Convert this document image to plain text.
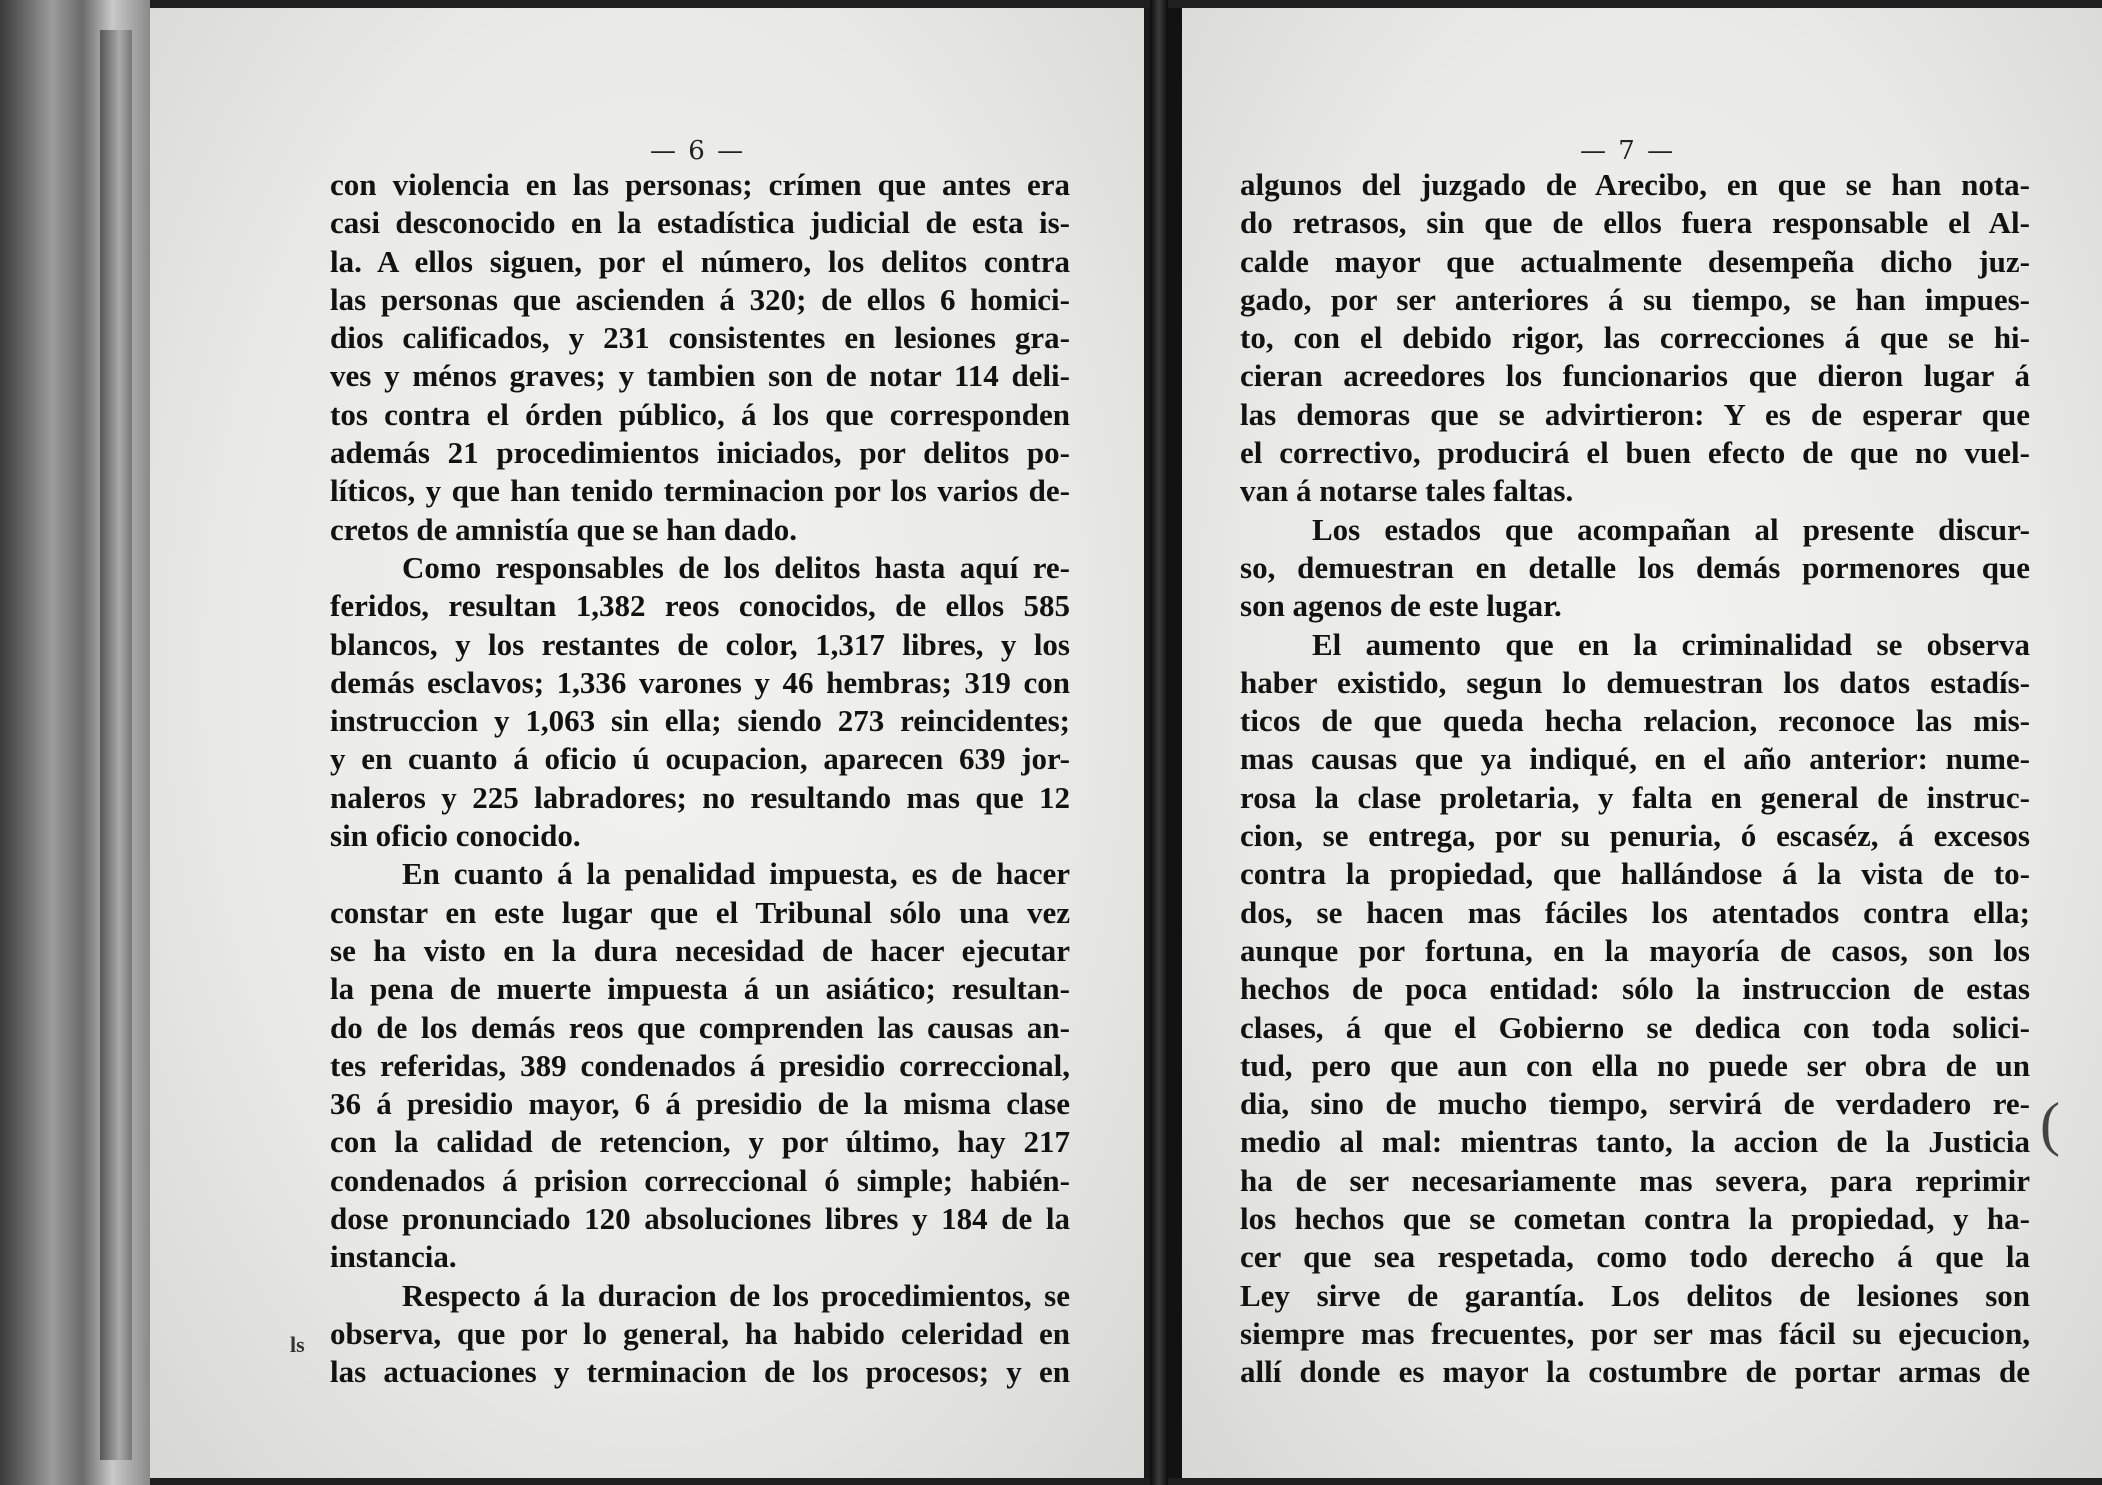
— 6 —
con violencia en las personas; crímen que antes era
casi desconocido en la estadística judicial de esta is-
la. A ellos siguen, por el número, los delitos contra
las personas que ascienden á 320; de ellos 6 homici-
dios calificados, y 231 consistentes en lesiones gra-
ves y ménos graves; y tambien son de notar 114 deli-
tos contra el órden público, á los que corresponden
además 21 procedimientos iniciados, por delitos po-
líticos, y que han tenido terminacion por los varios de-
cretos de amnistía que se han dado.
Como responsables de los delitos hasta aquí re-
feridos, resultan 1,382 reos conocidos, de ellos 585
blancos, y los restantes de color, 1,317 libres, y los
demás esclavos; 1,336 varones y 46 hembras; 319 con
instruccion y 1,063 sin ella; siendo 273 reincidentes;
y en cuanto á oficio ú ocupacion, aparecen 639 jor-
naleros y 225 labradores; no resultando mas que 12
sin oficio conocido.
En cuanto á la penalidad impuesta, es de hacer
constar en este lugar que el Tribunal sólo una vez
se ha visto en la dura necesidad de hacer ejecutar
la pena de muerte impuesta á un asiático; resultan-
do de los demás reos que comprenden las causas an-
tes referidas, 389 condenados á presidio correccional,
36 á presidio mayor, 6 á presidio de la misma clase
con la calidad de retencion, y por último, hay 217
condenados á prision correccional ó simple; habién-
dose pronunciado 120 absoluciones libres y 184 de la
instancia.
Respecto á la duracion de los procedimientos, se
observa, que por lo general, ha habido celeridad en
las actuaciones y terminacion de los procesos; y en
— 7 —
algunos del juzgado de Arecibo, en que se han nota-
do retrasos, sin que de ellos fuera responsable el Al-
calde mayor que actualmente desempeña dicho juz-
gado, por ser anteriores á su tiempo, se han impues-
to, con el debido rigor, las correcciones á que se hi-
cieran acreedores los funcionarios que dieron lugar á
las demoras que se advirtieron: Y es de esperar que
el correctivo, producirá el buen efecto de que no vuel-
van á notarse tales faltas.
Los estados que acompañan al presente discur-
so, demuestran en detalle los demás pormenores que
son agenos de este lugar.
El aumento que en la criminalidad se observa
haber existido, segun lo demuestran los datos estadís-
ticos de que queda hecha relacion, reconoce las mis-
mas causas que ya indiqué, en el año anterior: nume-
rosa la clase proletaria, y falta en general de instruc-
cion, se entrega, por su penuria, ó escaséz, á excesos
contra la propiedad, que hallándose á la vista de to-
dos, se hacen mas fáciles los atentados contra ella;
aunque por fortuna, en la mayoría de casos, son los
hechos de poca entidad: sólo la instruccion de estas
clases, á que el Gobierno se dedica con toda solici-
tud, pero que aun con ella no puede ser obra de un
dia, sino de mucho tiempo, servirá de verdadero re-
medio al mal: mientras tanto, la accion de la Justicia
ha de ser necesariamente mas severa, para reprimir
los hechos que se cometan contra la propiedad, y ha-
cer que sea respetada, como todo derecho á que la
Ley sirve de garantía. Los delitos de lesiones son
siempre mas frecuentes, por ser mas fácil su ejecucion,
allí donde es mayor la costumbre de portar armas de
ls
(
